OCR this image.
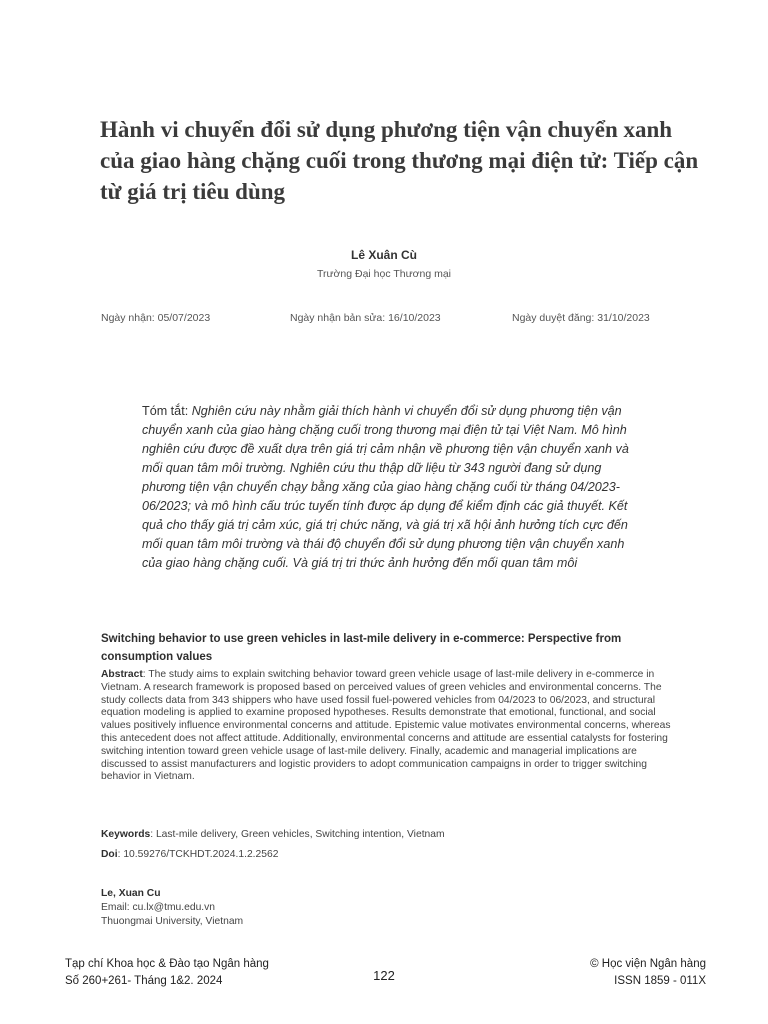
Hành vi chuyển đổi sử dụng phương tiện vận chuyển xanh của giao hàng chặng cuối trong thương mại điện tử: Tiếp cận từ giá trị tiêu dùng
Lê Xuân Cù
Trường Đại học Thương mại
Ngày nhận: 05/07/2023	Ngày nhận bản sửa: 16/10/2023	Ngày duyệt đăng: 31/10/2023
Tóm tắt: Nghiên cứu này nhằm giải thích hành vi chuyển đổi sử dụng phương tiện vận chuyển xanh của giao hàng chặng cuối trong thương mại điện tử tại Việt Nam. Mô hình nghiên cứu được đề xuất dựa trên giá trị cảm nhận về phương tiện vận chuyển xanh và mối quan tâm môi trường. Nghiên cứu thu thập dữ liệu từ 343 người đang sử dụng phương tiện vận chuyển chạy bằng xăng của giao hàng chặng cuối từ tháng 04/2023- 06/2023; và mô hình cấu trúc tuyến tính được áp dụng để kiểm định các giả thuyết. Kết quả cho thấy giá trị cảm xúc, giá trị chức năng, và giá trị xã hội ảnh hưởng tích cực đến mối quan tâm môi trường và thái độ chuyển đổi sử dụng phương tiện vận chuyển xanh của giao hàng chặng cuối. Và giá trị tri thức ảnh hưởng đến mối quan tâm môi
Switching behavior to use green vehicles in last-mile delivery in e-commerce: Perspective from consumption values
Abstract: The study aims to explain switching behavior toward green vehicle usage of last-mile delivery in e-commerce in Vietnam. A research framework is proposed based on perceived values of green vehicles and environmental concerns. The study collects data from 343 shippers who have used fossil fuel-powered vehicles from 04/2023 to 06/2023, and structural equation modeling is applied to examine proposed hypotheses. Results demonstrate that emotional, functional, and social values positively influence environmental concerns and attitude. Epistemic value motivates environmental concerns, whereas this antecedent does not affect attitude. Additionally, environmental concerns and attitude are essential catalysts for fostering switching intention toward green vehicle usage of last-mile delivery. Finally, academic and managerial implications are discussed to assist manufacturers and logistic providers to adopt communication campaigns in order to trigger switching behavior in Vietnam.
Keywords: Last-mile delivery, Green vehicles, Switching intention, Vietnam
Doi: 10.59276/TCKHDT.2024.1.2.2562
Le, Xuan Cu
Email: cu.lx@tmu.edu.vn
Thuongmai University, Vietnam
Tạp chí Khoa học & Đào tạo Ngân hàng
Số 260+261- Tháng 1&2. 2024	122
© Học viện Ngân hàng
ISSN 1859 - 011X
